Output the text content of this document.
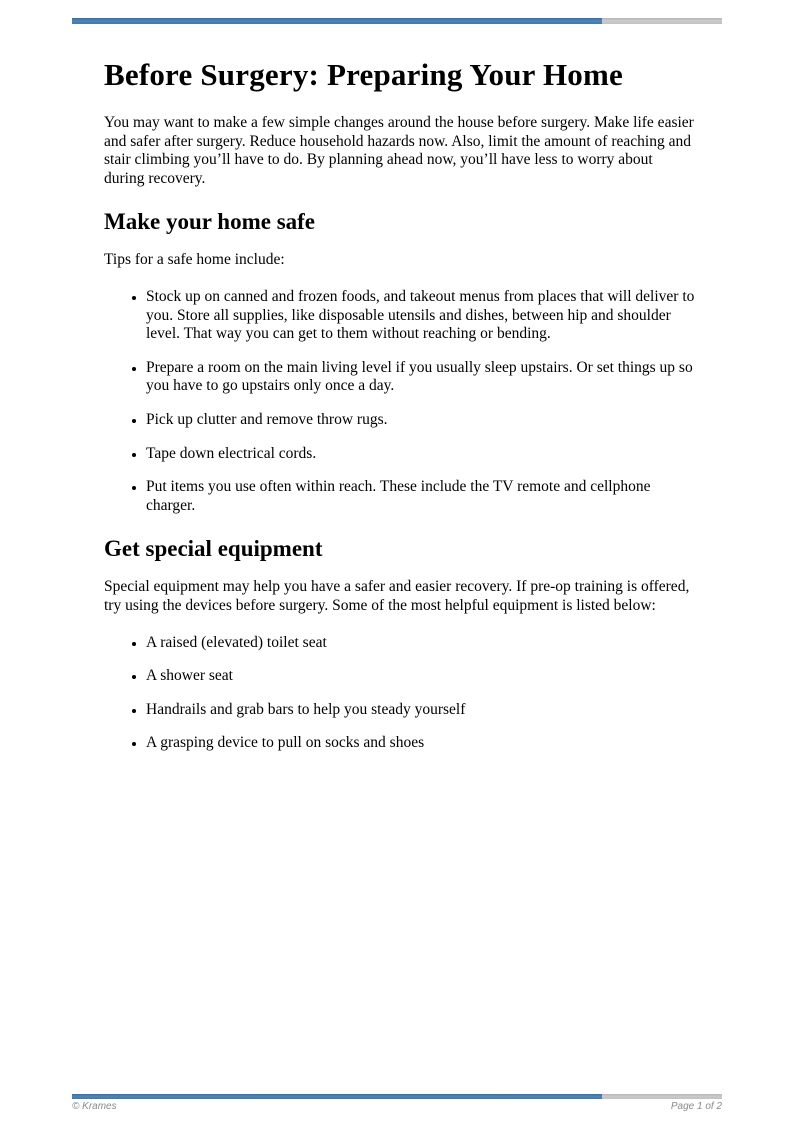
Before Surgery: Preparing Your Home

You may want to make a few simple changes around the house before surgery. Make life easier and safer after surgery. Reduce household hazards now. Also, limit the amount of reaching and stair climbing you’ll have to do. By planning ahead now, you’ll have less to worry about during recovery.

Make your home safe

Tips for a safe home include:

• Stock up on canned and frozen foods, and takeout menus from places that will deliver to you. Store all supplies, like disposable utensils and dishes, between hip and shoulder level. That way you can get to them without reaching or bending.
• Prepare a room on the main living level if you usually sleep upstairs. Or set things up so you have to go upstairs only once a day.
• Pick up clutter and remove throw rugs.
• Tape down electrical cords.
• Put items you use often within reach. These include the TV remote and cellphone charger.
Get special equipment

Special equipment may help you have a safer and easier recovery. If pre-op training is offered, try using the devices before surgery. Some of the most helpful equipment is listed below:

• A raised (elevated) toilet seat
• A shower seat
• Handrails and grab bars to help you steady yourself
• A grasping device to pull on socks and shoes
© Krames	Page 1 of 2
